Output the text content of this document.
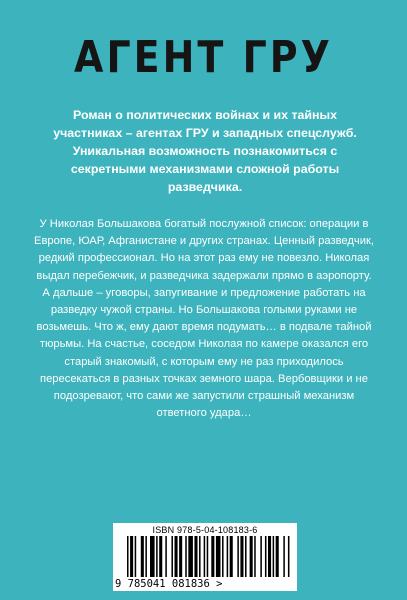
АГЕНТ ГРУ

Роман о политических войнах и их тайных участниках – агентах ГРУ и западных спецслужб. Уникальная возможность познакомиться с секретными механизмами сложной работы разведчика.

У Николая Большакова богатый послужной список: операции в Европе, ЮАР, Афганистане и других странах. Ценный разведчик, редкий профессионал. Но на этот раз ему не повезло. Николая выдал перебежчик, и разведчика задержали прямо в аэропорту. А дальше – уговоры, запугивание и предложение работать на разведку чужой страны. Но Большакова голыми руками не возьмешь. Что ж, ему дают время подумать… в подвале тайной тюрьмы. На счастье, соседом Николая по камере оказался его старый знакомый, с которым ему не раз приходилось пересекаться в разных точках земного шара. Вербовщики и не подозревают, что сами же запустили страшный механизм ответного удара…

ISBN 978-5-04-108183-6
9 785041 081836 >
